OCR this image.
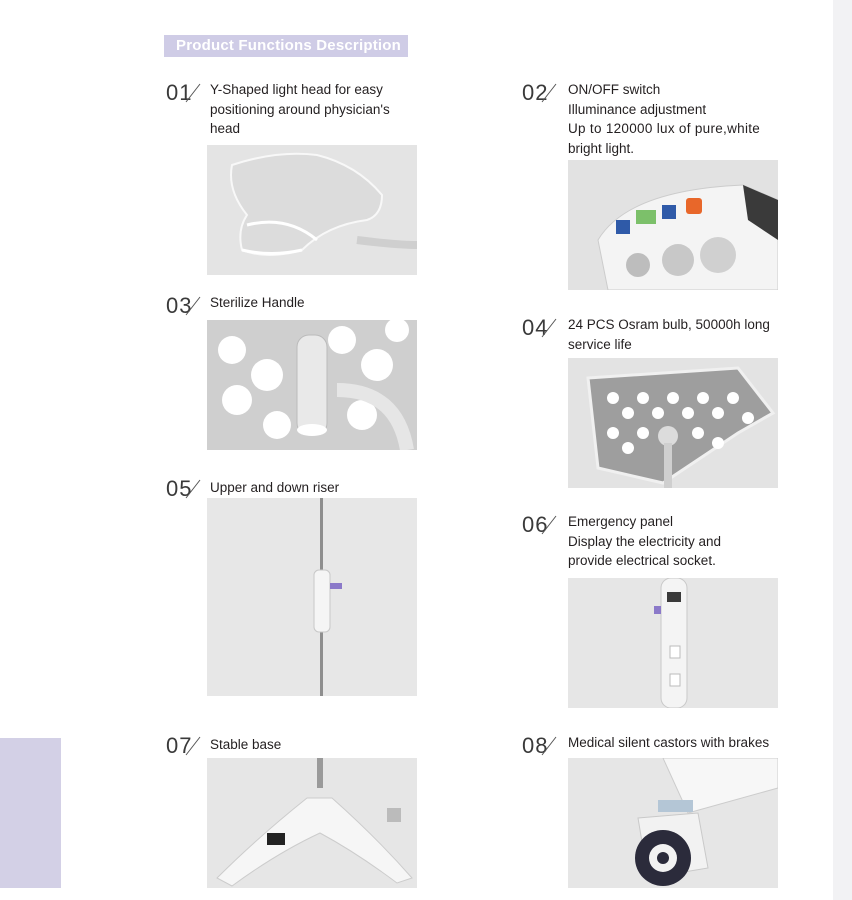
Product Functions Description
01 Y-Shaped light head for easy
positioning around physician's
head
02 ON/OFF switch
Illuminance adjustment
Up to 120000 lux of pure,white
bright light.
03 Sterilize Handle
04 24 PCS Osram bulb, 50000h long
service life
05 Upper and down riser
06 Emergency panel
Display the electricity and
provide electrical socket.
07 Stable base	08 Medical silent castors with brakes
